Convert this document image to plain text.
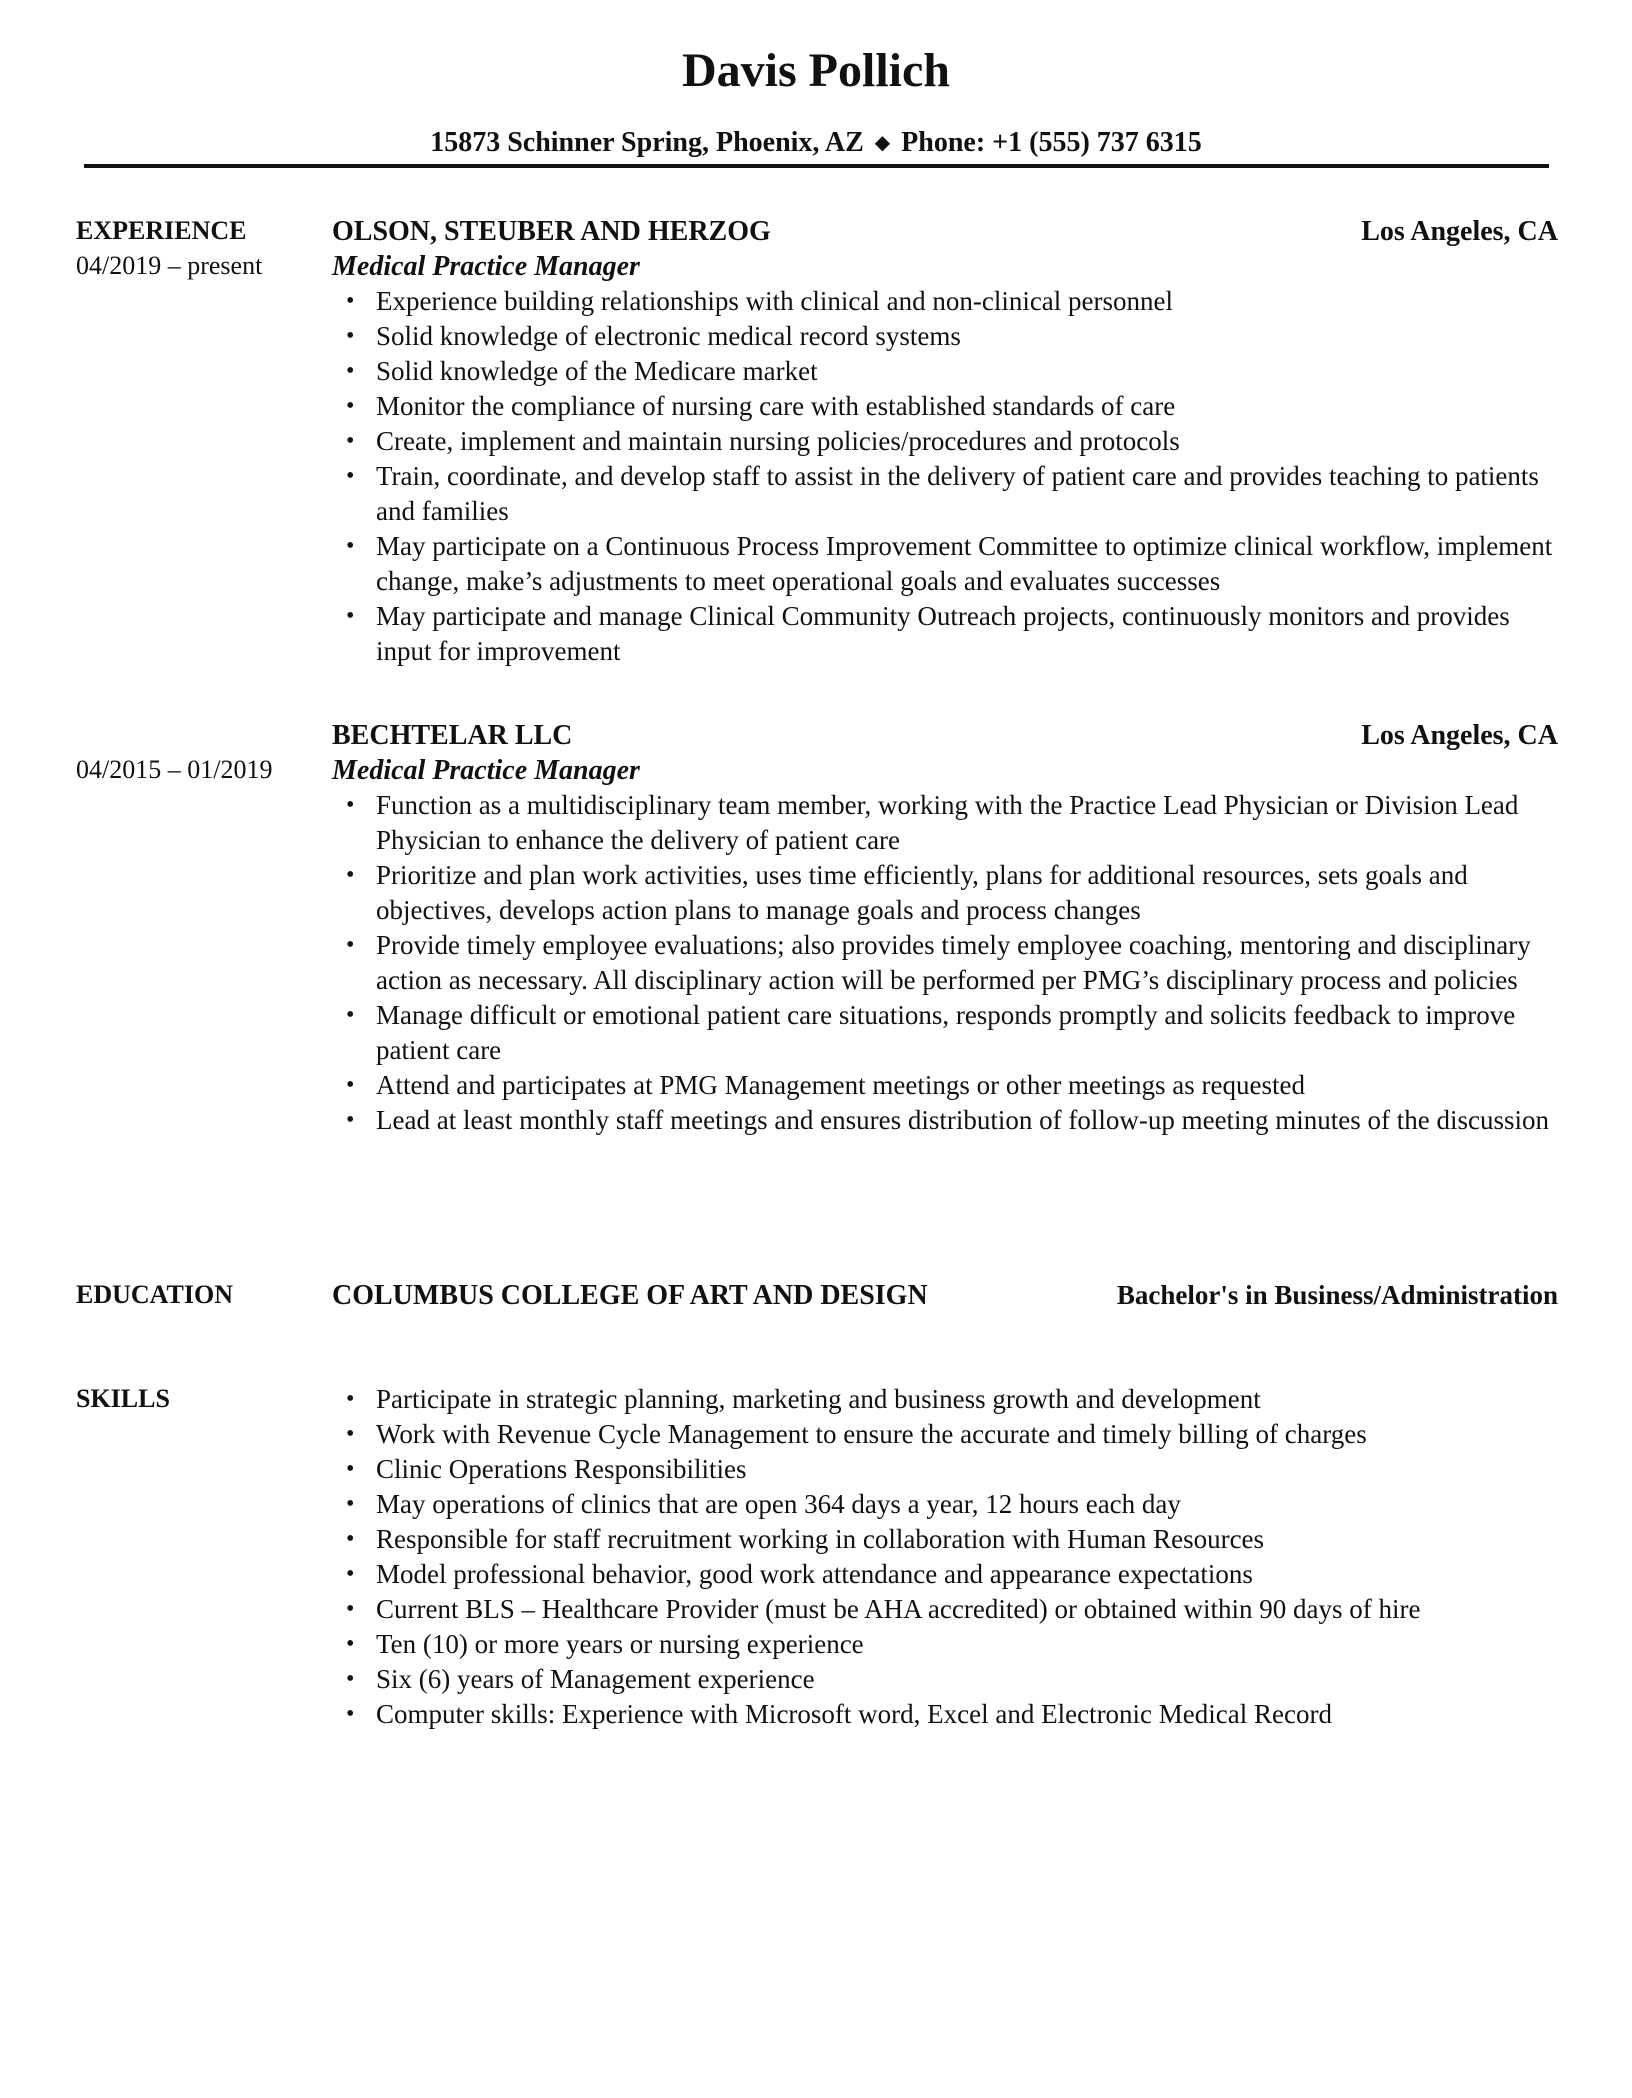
Davis Pollich
15873 Schinner Spring, Phoenix, AZ ◆ Phone: +1 (555) 737 6315
EXPERIENCE
04/2019 – present
OLSON, STEUBER AND HERZOG	Los Angeles, CA
Medical Practice Manager
• Experience building relationships with clinical and non-clinical personnel
• Solid knowledge of electronic medical record systems
• Solid knowledge of the Medicare market
• Monitor the compliance of nursing care with established standards of care
• Create, implement and maintain nursing policies/procedures and protocols
• Train, coordinate, and develop staff to assist in the delivery of patient care and provides teaching to patients and families
• May participate on a Continuous Process Improvement Committee to optimize clinical workflow, implement change, make’s adjustments to meet operational goals and evaluates successes
• May participate and manage Clinical Community Outreach projects, continuously monitors and provides input for improvement
04/2015 – 01/2019
BECHTELAR LLC	Los Angeles, CA
Medical Practice Manager
• Function as a multidisciplinary team member, working with the Practice Lead Physician or Division Lead Physician to enhance the delivery of patient care
• Prioritize and plan work activities, uses time efficiently, plans for additional resources, sets goals and objectives, develops action plans to manage goals and process changes
• Provide timely employee evaluations; also provides timely employee coaching, mentoring and disciplinary action as necessary. All disciplinary action will be performed per PMG’s disciplinary process and policies
• Manage difficult or emotional patient care situations, responds promptly and solicits feedback to improve patient care
• Attend and participates at PMG Management meetings or other meetings as requested
• Lead at least monthly staff meetings and ensures distribution of follow-up meeting minutes of the discussion
EDUCATION	COLUMBUS COLLEGE OF ART AND DESIGN	Bachelor's in Business/Administration
SKILLS
•	Participate in strategic planning, marketing and business growth and development
• Work with Revenue Cycle Management to ensure the accurate and timely billing of charges
• Clinic Operations Responsibilities
• May operations of clinics that are open 364 days a year, 12 hours each day
• Responsible for staff recruitment working in collaboration with Human Resources
• Model professional behavior, good work attendance and appearance expectations
• Current BLS – Healthcare Provider (must be AHA accredited) or obtained within 90 days of hire
• Ten (10) or more years or nursing experience
• Six (6) years of Management experience
• Computer skills: Experience with Microsoft word, Excel and Electronic Medical Record
